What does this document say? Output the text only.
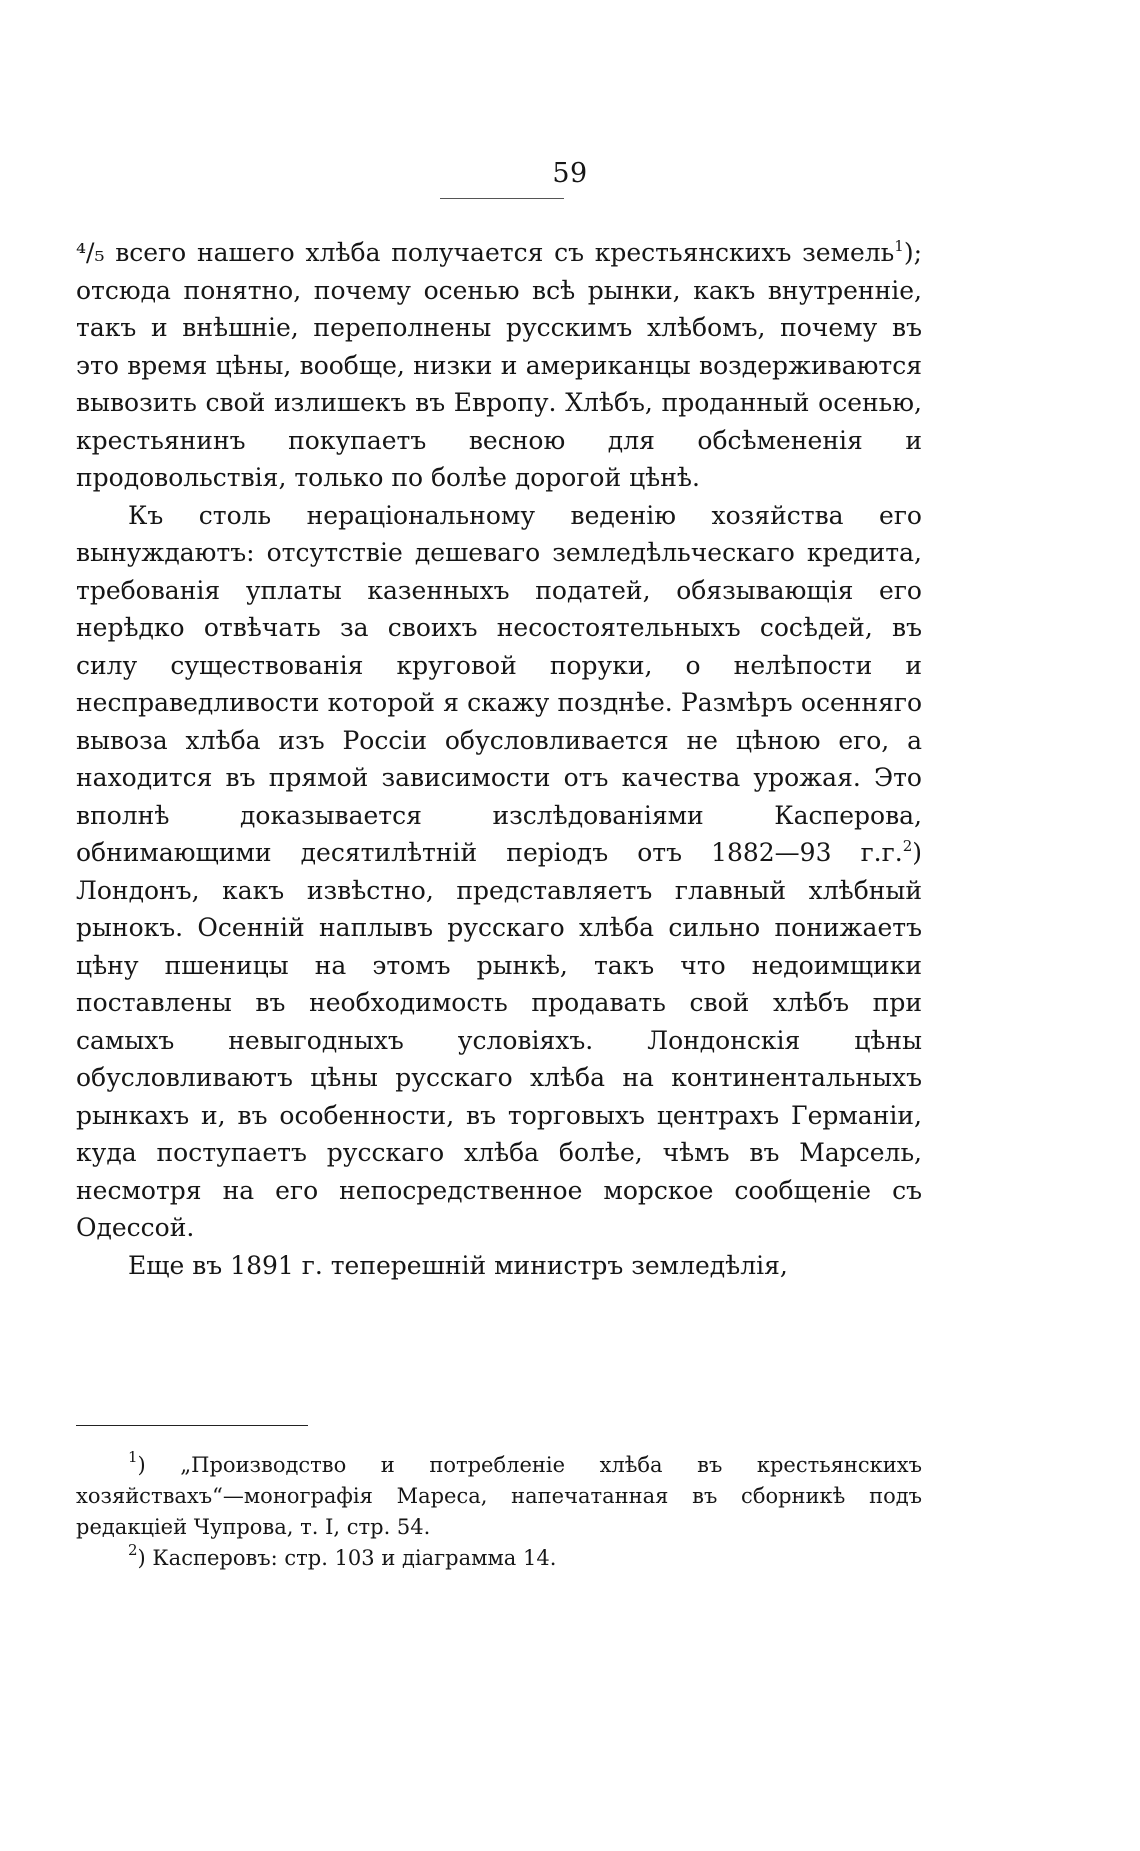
59

⁴/₅ всего нашего хлѣба получается съ крестьянскихъ земель$^1$); отсюда понятно, почему осенью всѣ рынки, какъ внутренніе, такъ и внѣшніе, переполнены русскимъ хлѣбомъ, почему въ это время цѣны, вообще, низки и американцы воздерживаются вывозить свой излишекъ въ Европу. Хлѣбъ, проданный осенью, крестьянинъ покупаетъ весною для обсѣмененія и продовольствія, только по болѣе дорогой цѣнѣ.

Къ столь нераціональному веденію хозяйства его вынуждаютъ: отсутствіе дешеваго земледѣльческаго кредита, требованія уплаты казенныхъ податей, обязывающія его нерѣдко отвѣчать за своихъ несостоятельныхъ сосѣдей, въ силу существованія круговой поруки, о нелѣпости и несправедливости которой я скажу позднѣе. Размѣръ осенняго вывоза хлѣба изъ Россіи обусловливается не цѣною его, а находится въ прямой зависимости отъ качества урожая. Это вполнѣ доказывается изслѣдованіями Касперова, обнимающими десятилѣтній періодъ отъ 1882—93 г.г.$^2$) Лондонъ, какъ извѣстно, представляетъ главный хлѣбный рынокъ. Осенній наплывъ русскаго хлѣба сильно понижаетъ цѣну пшеницы на этомъ рынкѣ, такъ что недоимщики поставлены въ необходимость продавать свой хлѣбъ при самыхъ невыгодныхъ условіяхъ. Лондонскія цѣны обусловливаютъ цѣны русскаго хлѣба на континентальныхъ рынкахъ и, въ особенности, въ торговыхъ центрахъ Германіи, куда поступаетъ русскаго хлѣба болѣе, чѣмъ въ Марсель, несмотря на его непосредственное морское сообщеніе съ Одессой.

Еще въ 1891 г. теперешній министръ земледѣлія,

$^1$) „Производство и потребленіе хлѣба въ крестьянскихъ хозяйствахъ“—монографія Мареса, напечатанная въ сборникѣ подъ редакціей Чупрова, т. I, стр. 54.

$^2$) Касперовъ: стр. 103 и діаграмма 14.
